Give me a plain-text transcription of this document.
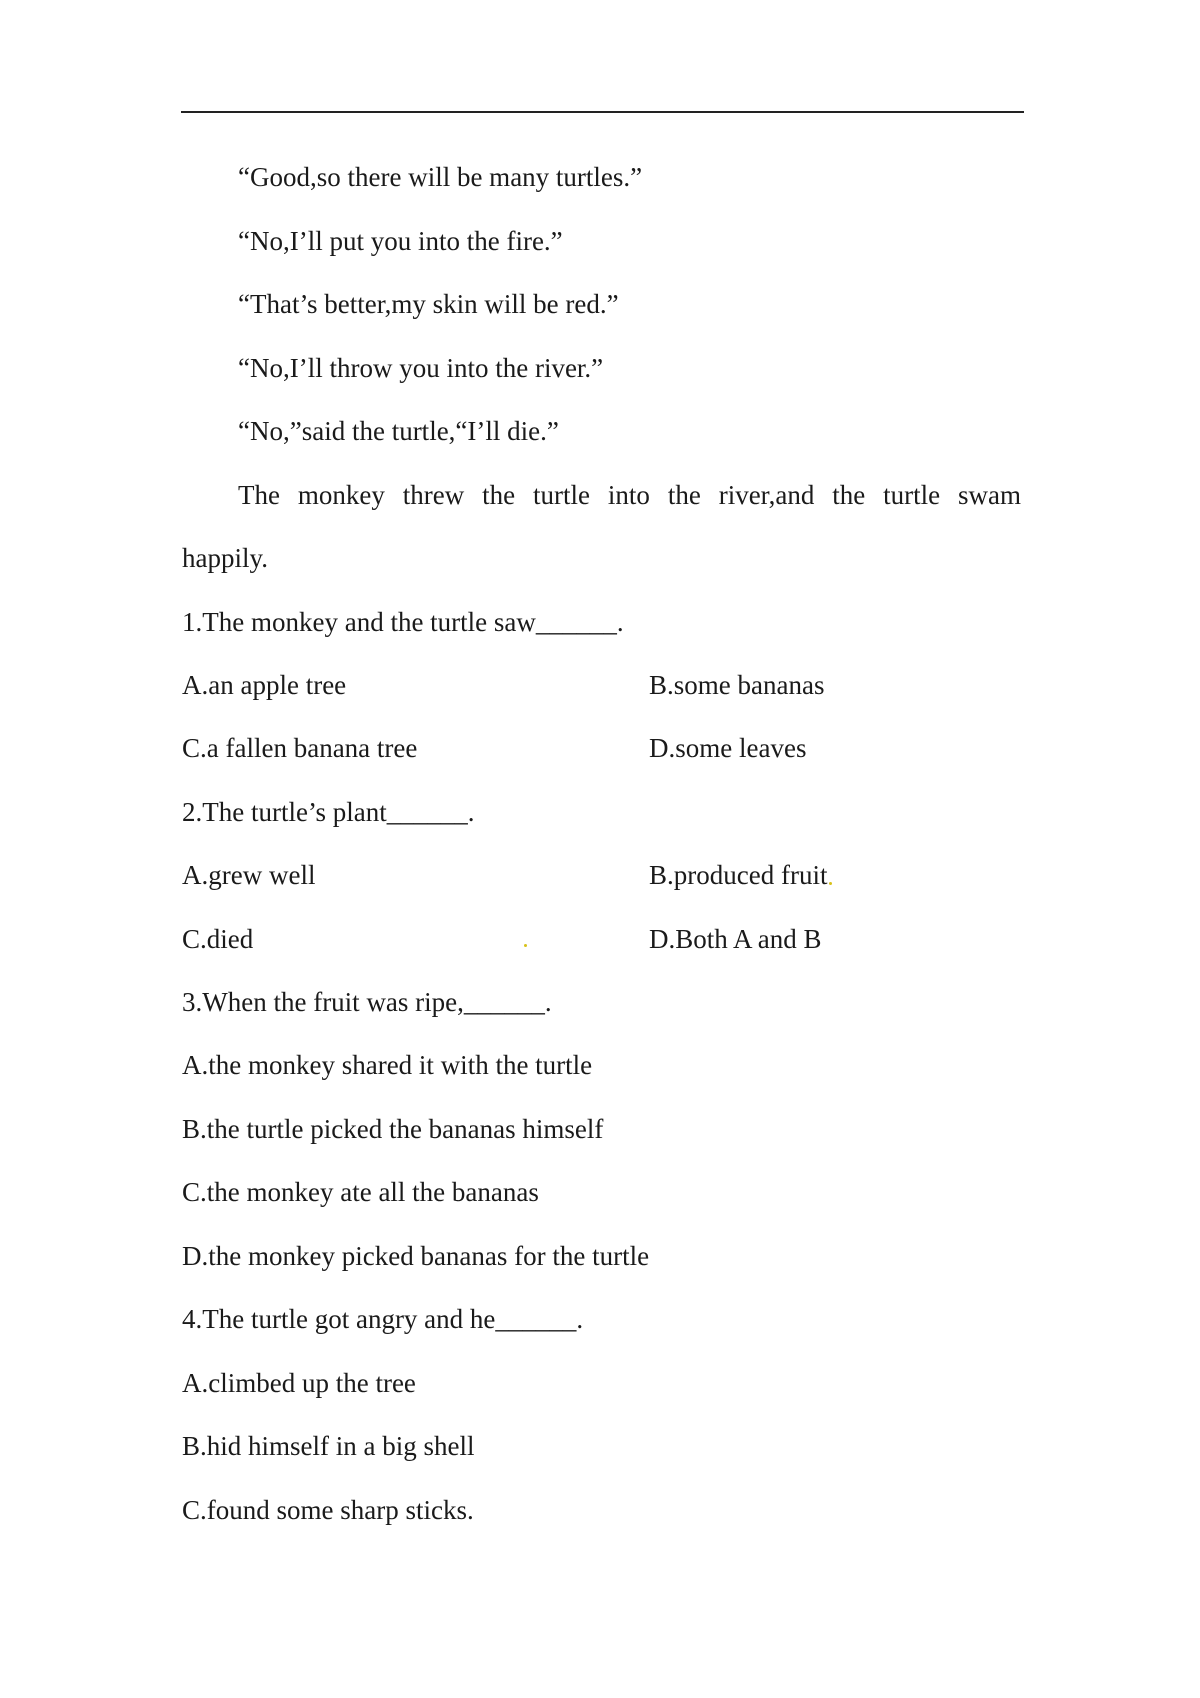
“Good,so there will be many turtles.”
“No,I’ll put you into the fire.”
“That’s better,my skin will be red.”
“No,I’ll throw you into the river.”
“No,”said the turtle,“I’ll die.”
The monkey threw the turtle into the river,and the turtle swam
happily.
1.The monkey and the turtle saw______.
A.an apple tree	B.some bananas
C.a fallen banana tree	D.some leaves
2.The turtle’s plant______.
A.grew well	B.produced fruit
C.died	D.Both A and B
3.When the fruit was ripe,______.
A.the monkey shared it with the turtle
B.the turtle picked the bananas himself
C.the monkey ate all the bananas
D.the monkey picked bananas for the turtle
4.The turtle got angry and he______.
A.climbed up the tree
B.hid himself in a big shell
C.found some sharp sticks.
